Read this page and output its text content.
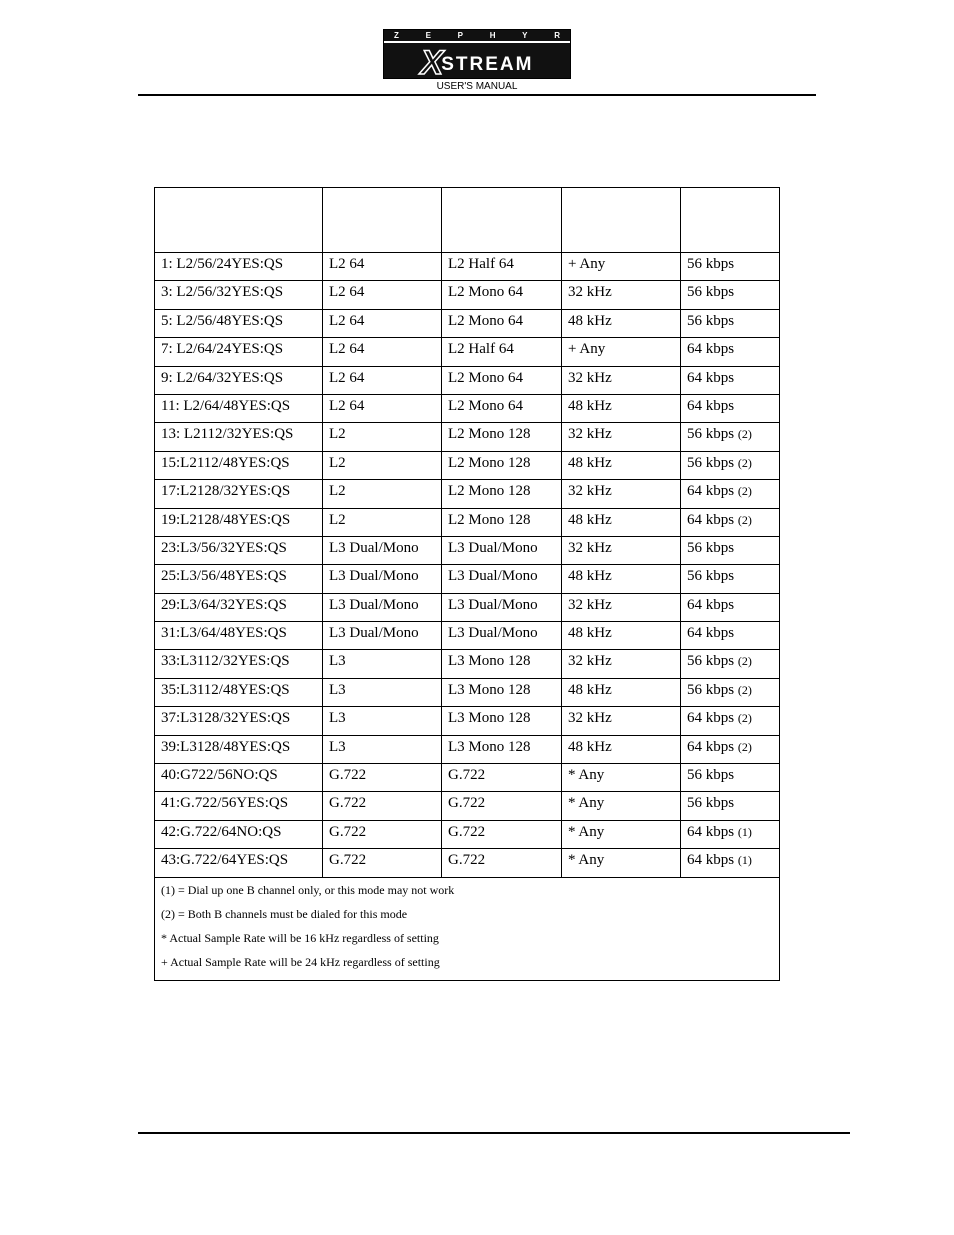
Z	E	P	H	Y	R
X
STREAM
USER'S MANUAL

1: L2/56/24YES:QS	L2 64	L2 Half 64	+ Any	56 kbps
3: L2/56/32YES:QS	L2 64	L2 Mono 64	32 kHz	56 kbps
5: L2/56/48YES:QS	L2 64	L2 Mono 64	48 kHz	56 kbps
7: L2/64/24YES:QS	L2 64	L2 Half 64	+ Any	64 kbps
9: L2/64/32YES:QS	L2 64	L2 Mono 64	32 kHz	64 kbps
11: L2/64/48YES:QS	L2 64	L2 Mono 64	48 kHz	64 kbps
13: L2112/32YES:QS	L2	L2 Mono 128	32 kHz	56 kbps (2)
15:L2112/48YES:QS	L2	L2 Mono 128	48 kHz	56 kbps (2)
17:L2128/32YES:QS	L2	L2 Mono 128	32 kHz	64 kbps (2)
19:L2128/48YES:QS	L2	L2 Mono 128	48 kHz	64 kbps (2)
23:L3/56/32YES:QS	L3 Dual/Mono	L3 Dual/Mono	32 kHz	56 kbps
25:L3/56/48YES:QS	L3 Dual/Mono	L3 Dual/Mono	48 kHz	56 kbps
29:L3/64/32YES:QS	L3 Dual/Mono	L3 Dual/Mono	32 kHz	64 kbps
31:L3/64/48YES:QS	L3 Dual/Mono	L3 Dual/Mono	48 kHz	64 kbps
33:L3112/32YES:QS	L3	L3 Mono 128	32 kHz	56 kbps (2)
35:L3112/48YES:QS	L3	L3 Mono 128	48 kHz	56 kbps (2)
37:L3128/32YES:QS	L3	L3 Mono 128	32 kHz	64 kbps (2)
39:L3128/48YES:QS	L3	L3 Mono 128	48 kHz	64 kbps (2)
40:G722/56NO:QS	G.722	G.722	* Any	56 kbps
41:G.722/56YES:QS	G.722	G.722	* Any	56 kbps
42:G.722/64NO:QS	G.722	G.722	* Any	64 kbps (1)
43:G.722/64YES:QS	G.722	G.722	* Any	64 kbps (1)

(1) = Dial up one B channel only, or this mode may not work
(2) = Both B channels must be dialed for this mode
* Actual Sample Rate will be 16 kHz regardless of setting
+ Actual Sample Rate will be 24 kHz regardless of setting				
